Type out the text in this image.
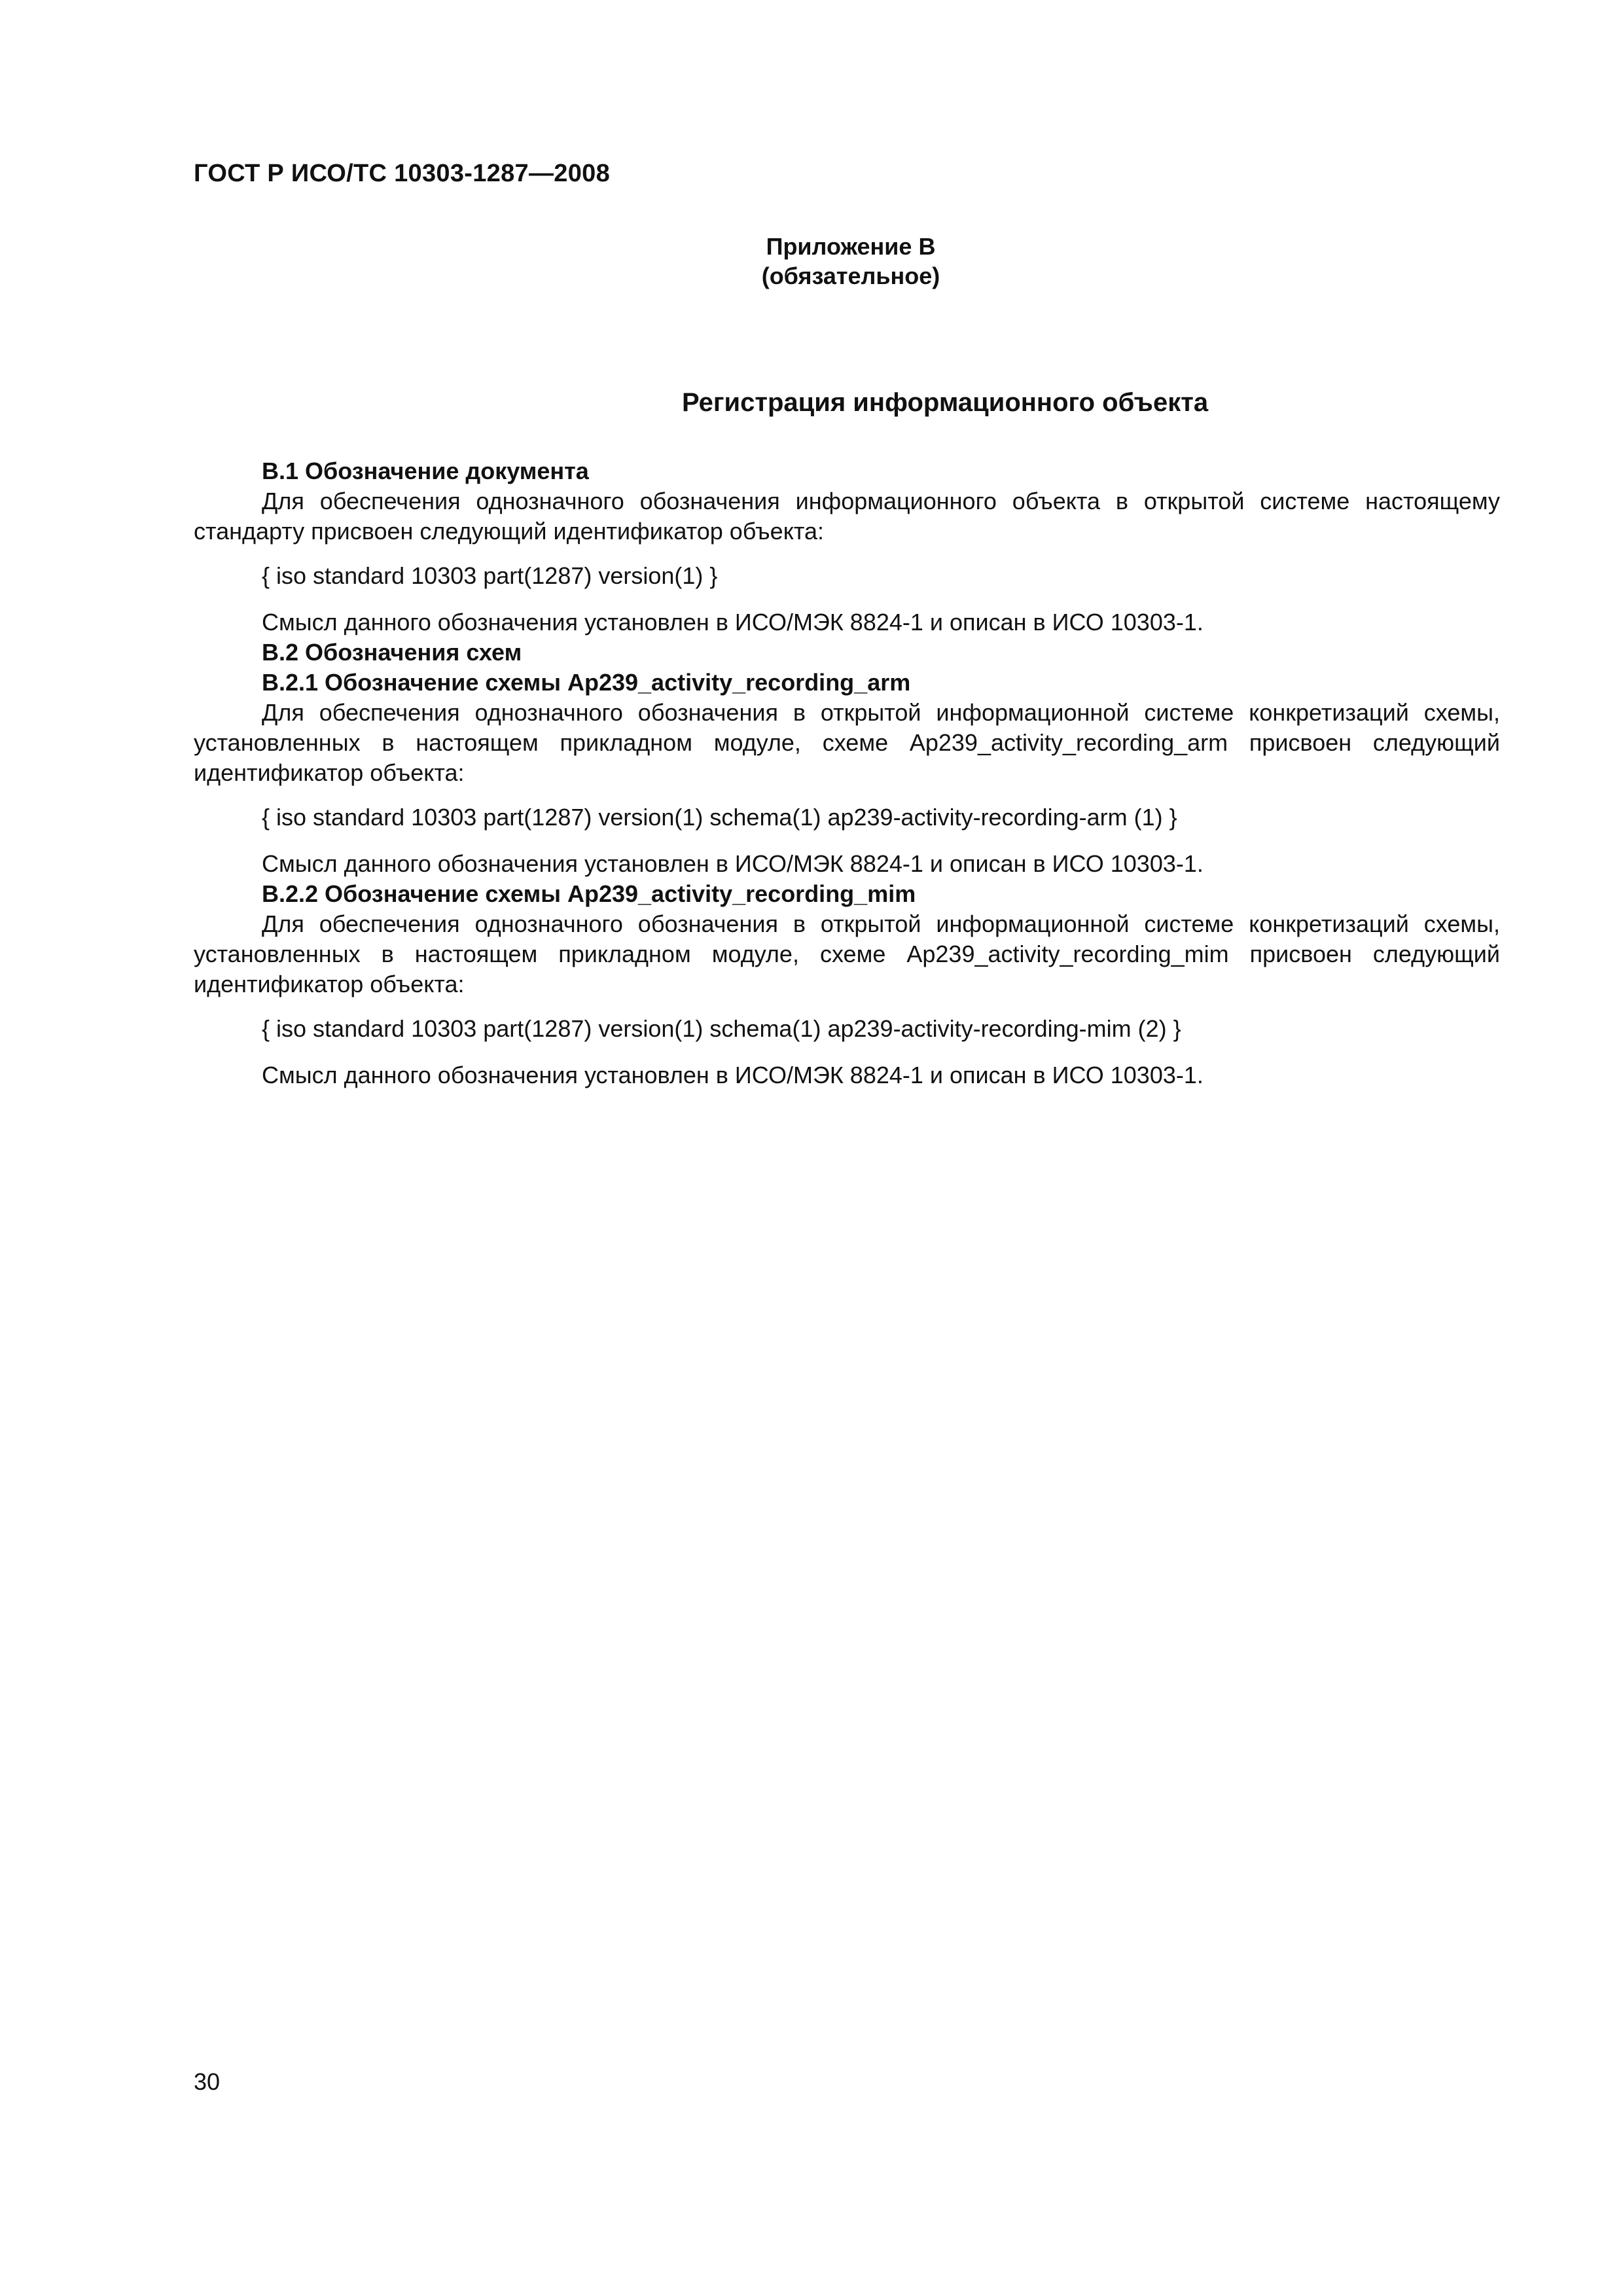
ГОСТ Р ИСО/ТС 10303-1287—2008
Приложение В
(обязательное)
Регистрация информационного объекта
В.1 Обозначение документа

Для обеспечения однозначного обозначения информационного объекта в открытой системе настоящему стандарту присвоен следующий идентификатор объекта:

{ iso standard 10303 part(1287) version(1) }
Смысл данного обозначения установлен в ИСО/МЭК 8824-1 и описан в ИСО 10303-1.
В.2 Обозначения схем
В.2.1 Обозначение схемы Ap239_activity_recording_arm

Для обеспечения однозначного обозначения в открытой информационной системе конкретизаций схемы, установленных в настоящем прикладном модуле, схеме Ap239_activity_recording_arm присвоен следующий идентификатор объекта:

{ iso standard 10303 part(1287) version(1) schema(1) ap239-activity-recording-arm (1) }
Смысл данного обозначения установлен в ИСО/МЭК 8824-1 и описан в ИСО 10303-1.
В.2.2 Обозначение схемы Ap239_activity_recording_mim

Для обеспечения однозначного обозначения в открытой информационной системе конкретизаций схемы, установленных в настоящем прикладном модуле, схеме Ap239_activity_recording_mim присвоен следующий идентификатор объекта:

{ iso standard 10303 part(1287) version(1) schema(1) ap239-activity-recording-mim (2) }
Смысл данного обозначения установлен в ИСО/МЭК 8824-1 и описан в ИСО 10303-1.
30
